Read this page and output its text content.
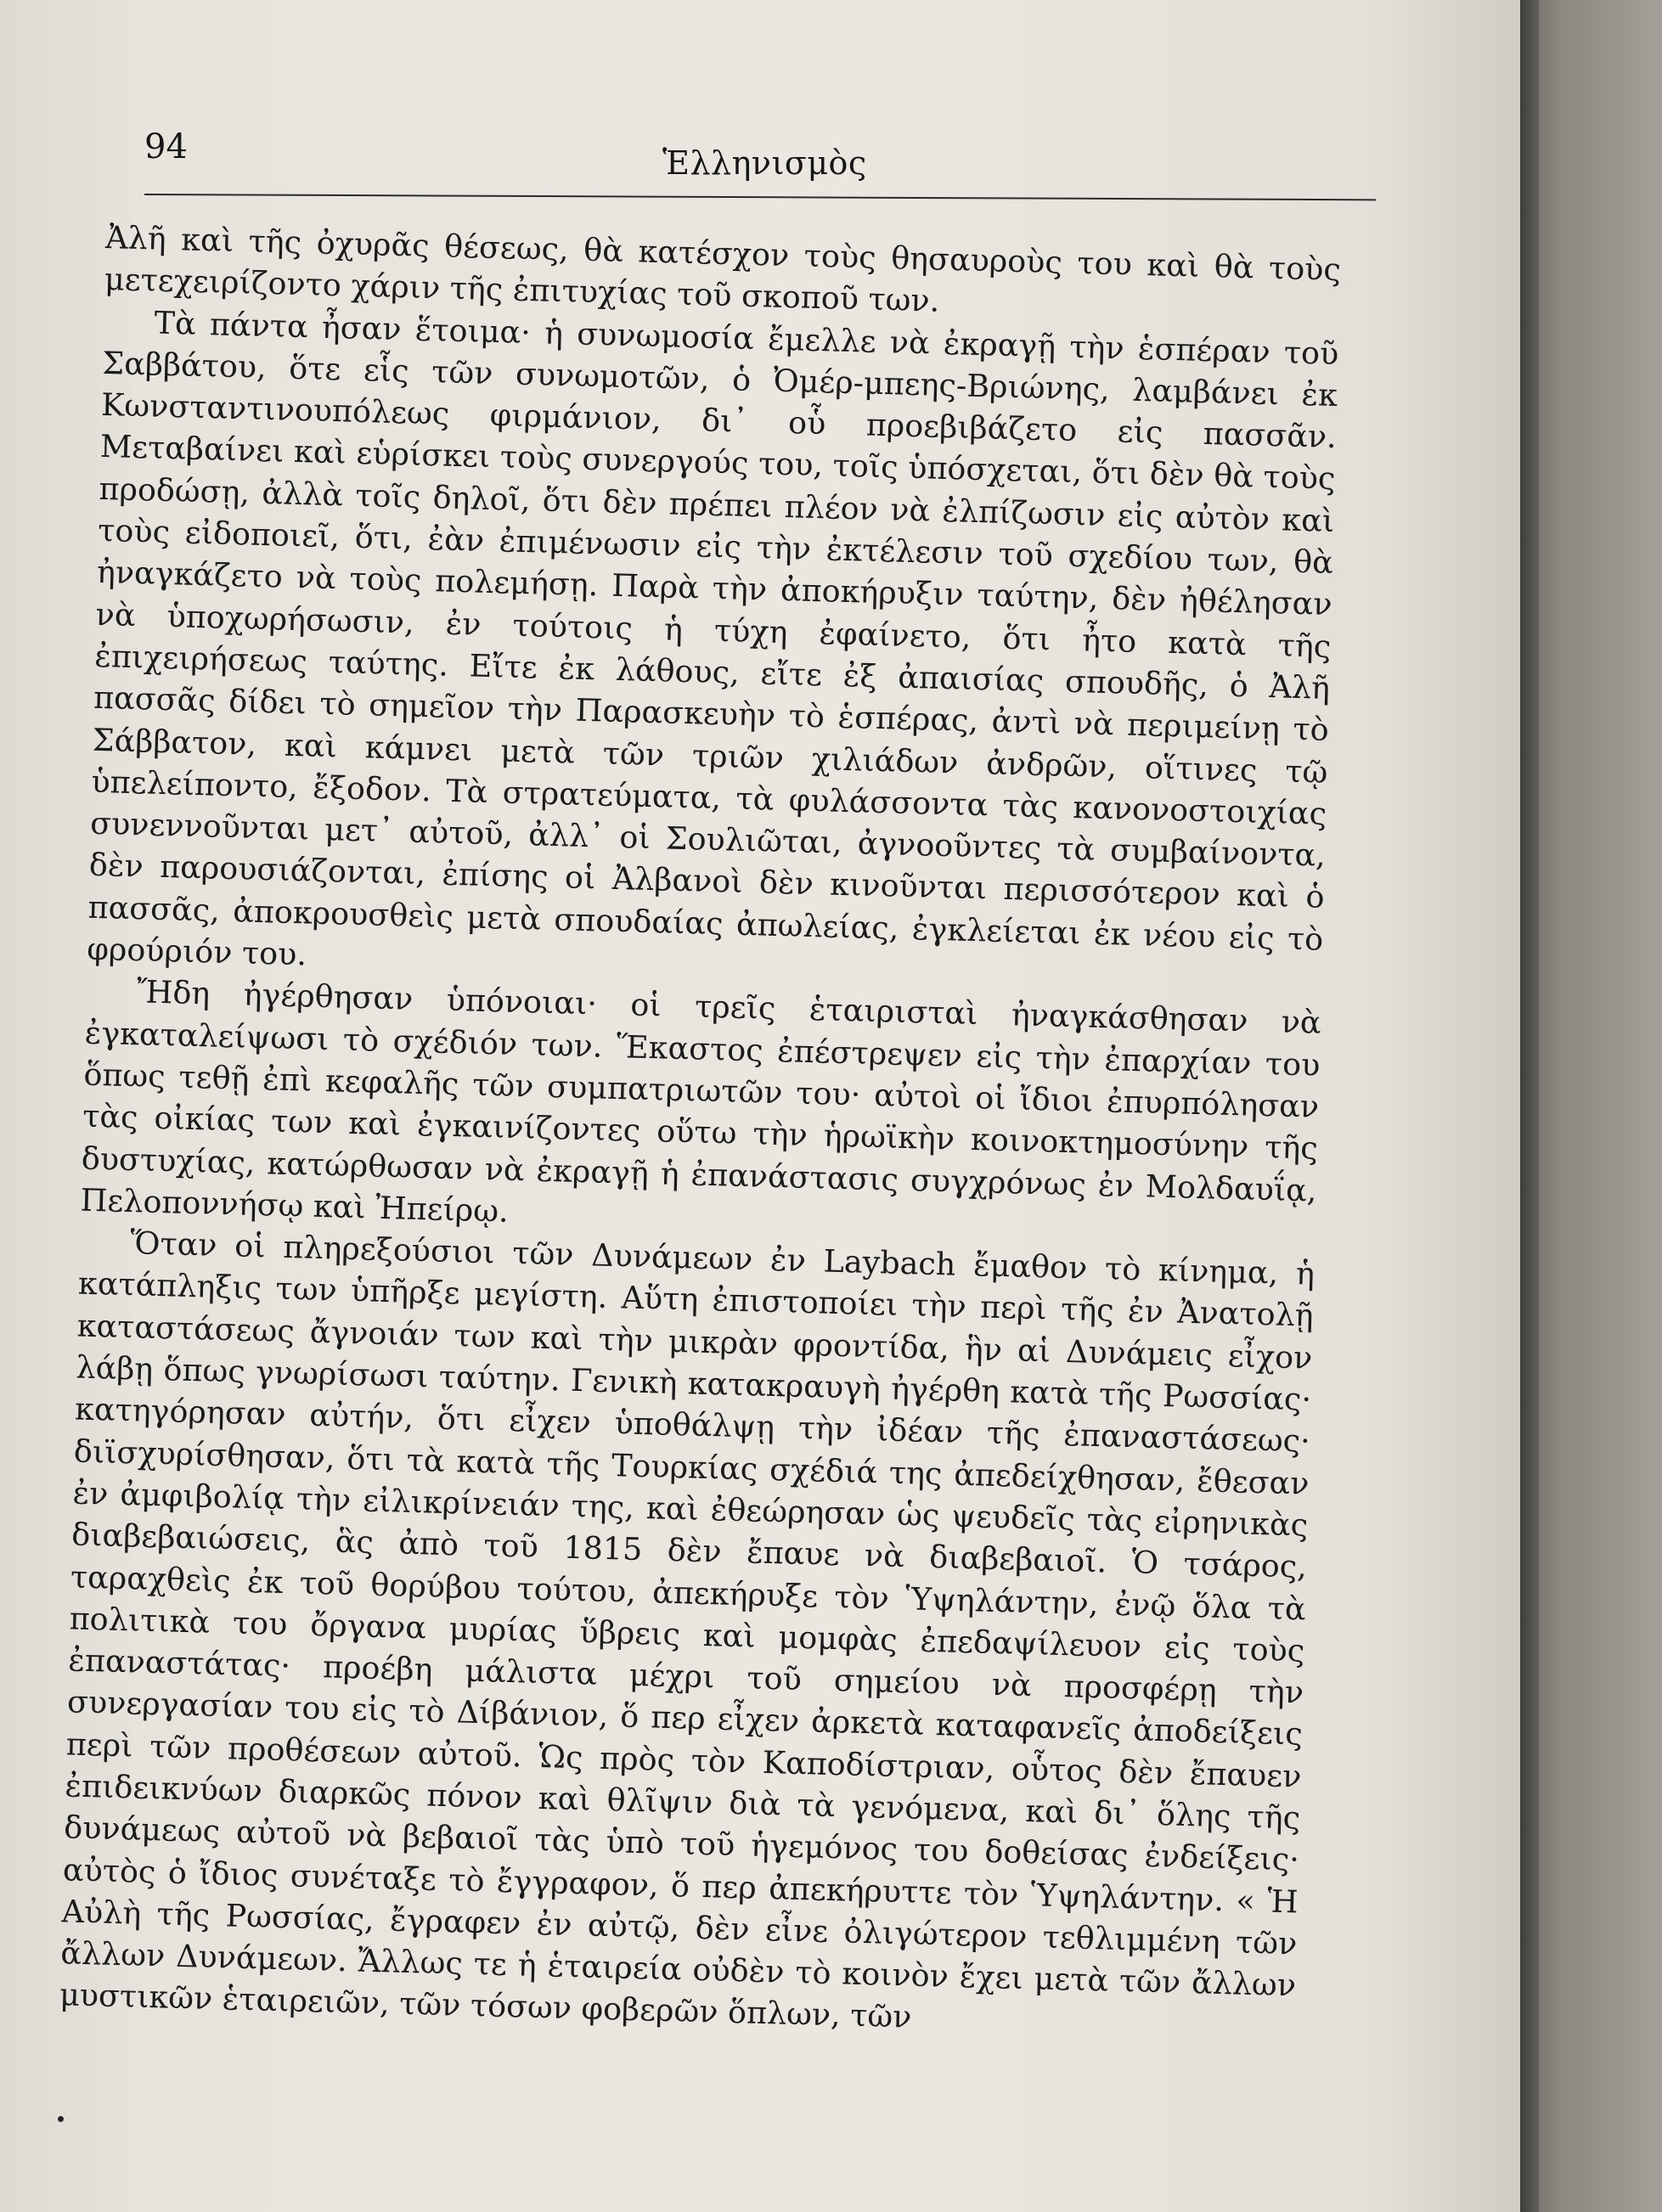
94	Ἑλληνισμὸς

Ἀλῆ καὶ τῆς ὀχυρᾶς θέσεως, θὰ κατέσχον τοὺς θησαυροὺς του καὶ θὰ τοὺς μετεχειρίζοντο χάριν τῆς ἐπιτυχίας τοῦ σκοποῦ των.

Τὰ πάντα ἦσαν ἕτοιμα· ἡ συνωμοσία ἔμελλε νὰ ἐκραγῇ τὴν ἑσπέραν τοῦ Σαββάτου, ὅτε εἷς τῶν συνωμοτῶν, ὁ Ὀμέρ-μπεης-Βριώνης, λαμβάνει ἐκ Κωνσταντινουπόλεως φιρμάνιον, δι᾿ οὗ προεβιβάζετο εἰς πασσᾶν. Μεταβαίνει καὶ εὑρίσκει τοὺς συνεργούς του, τοῖς ὑπόσχεται, ὅτι δὲν θὰ τοὺς προδώσῃ, ἀλλὰ τοῖς δηλοῖ, ὅτι δὲν πρέπει πλέον νὰ ἐλπίζωσιν εἰς αὐτὸν καὶ τοὺς εἰδοποιεῖ, ὅτι, ἐὰν ἐπιμένωσιν εἰς τὴν ἐκτέλεσιν τοῦ σχεδίου των, θὰ ἠναγκάζετο νὰ τοὺς πολεμήσῃ. Παρὰ τὴν ἀποκήρυξιν ταύτην, δὲν ἠθέλησαν νὰ ὑποχωρήσωσιν, ἐν τούτοις ἡ τύχη ἐφαίνετο, ὅτι ἦτο κατὰ τῆς ἐπιχειρήσεως ταύτης. Εἴτε ἐκ λάθους, εἴτε ἐξ ἀπαισίας σπουδῆς, ὁ Ἀλῆ πασσᾶς δίδει τὸ σημεῖον τὴν Παρασκευὴν τὸ ἑσπέρας, ἀντὶ νὰ περιμείνῃ τὸ Σάββατον, καὶ κάμνει μετὰ τῶν τριῶν χιλιάδων ἀνδρῶν, οἵτινες τῷ ὑπελείποντο, ἔξοδον. Τὰ στρατεύματα, τὰ φυλάσσοντα τὰς κανονοστοιχίας συνεννοῦνται μετ᾿ αὐτοῦ, ἀλλ᾿ οἱ Σουλιῶται, ἀγνοοῦντες τὰ συμβαίνοντα, δὲν παρουσιάζονται, ἐπίσης οἱ Ἀλβανοὶ δὲν κινοῦνται περισσότερον καὶ ὁ πασσᾶς, ἀποκρουσθεὶς μετὰ σπουδαίας ἀπωλείας, ἐγκλείεται ἐκ νέου εἰς τὸ φρούριόν του.

Ἤδη ἠγέρθησαν ὑπόνοιαι· οἱ τρεῖς ἑταιρισταὶ ἠναγκάσθησαν νὰ ἐγκαταλείψωσι τὸ σχέδιόν των. Ἕκαστος ἐπέστρεψεν εἰς τὴν ἐπαρχίαν του ὅπως τεθῇ ἐπὶ κεφαλῆς τῶν συμπατριωτῶν του· αὐτοὶ οἱ ἴδιοι ἐπυρπόλησαν τὰς οἰκίας των καὶ ἐγκαινίζοντες οὕτω τὴν ἡρωϊκὴν κοινοκτημοσύνην τῆς δυστυχίας, κατώρθωσαν νὰ ἐκραγῇ ἡ ἐπανάστασις συγχρόνως ἐν Μολδαυΐᾳ, Πελοποννήσῳ καὶ Ἠπείρῳ.

Ὅταν οἱ πληρεξούσιοι τῶν Δυνάμεων ἐν Laybach ἔμαθον τὸ κίνημα, ἡ κατάπληξις των ὑπῆρξε μεγίστη. Αὕτη ἐπιστοποίει τὴν περὶ τῆς ἐν Ἀνατολῇ καταστάσεως ἄγνοιάν των καὶ τὴν μικρὰν φροντίδα, ἣν αἱ Δυνάμεις εἶχον λάβῃ ὅπως γνωρίσωσι ταύτην. Γενικὴ κατακραυγὴ ἠγέρθη κατὰ τῆς Ρωσσίας· κατηγόρησαν αὐτήν, ὅτι εἶχεν ὑποθάλψῃ τὴν ἰδέαν τῆς ἐπαναστάσεως· διϊσχυρίσθησαν, ὅτι τὰ κατὰ τῆς Τουρκίας σχέδιά της ἀπεδείχθησαν, ἔθεσαν ἐν ἀμφιβολίᾳ τὴν εἰλικρίνειάν της, καὶ ἐθεώρησαν ὡς ψευδεῖς τὰς εἰρηνικὰς διαβεβαιώσεις, ἃς ἀπὸ τοῦ 1815 δὲν ἔπαυε νὰ διαβεβαιοῖ. Ὁ τσάρος, ταραχθεὶς ἐκ τοῦ θορύβου τούτου, ἀπεκήρυξε τὸν Ὑψηλάντην, ἐνῷ ὅλα τὰ πολιτικὰ του ὄργανα μυρίας ὕβρεις καὶ μομφὰς ἐπεδαψίλευον εἰς τοὺς ἐπαναστάτας· προέβη μάλιστα μέχρι τοῦ σημείου νὰ προσφέρῃ τὴν συνεργασίαν του εἰς τὸ Δίβάνιον, ὅ περ εἶχεν ἀρκετὰ καταφανεῖς ἀποδείξεις περὶ τῶν προθέσεων αὐτοῦ. Ὡς πρὸς τὸν Καποδίστριαν, οὗτος δὲν ἔπαυεν ἐπιδεικνύων διαρκῶς πόνον καὶ θλῖψιν διὰ τὰ γενόμενα, καὶ δι᾿ ὅλης τῆς δυνάμεως αὐτοῦ νὰ βεβαιοῖ τὰς ὑπὸ τοῦ ἡγεμόνος του δοθείσας ἐνδείξεις· αὐτὸς ὁ ἴδιος συνέταξε τὸ ἔγγραφον, ὅ περ ἀπεκήρυττε τὸν Ὑψηλάντην. « Ἡ Αὐλὴ τῆς Ρωσσίας, ἔγραφεν ἐν αὐτῷ, δὲν εἶνε ὀλιγώτερον τεθλιμμένη τῶν ἄλλων Δυνάμεων. Ἄλλως τε ἡ ἑταιρεία οὐδὲν τὸ κοινὸν ἔχει μετὰ τῶν ἄλλων μυστικῶν ἑταιρειῶν, τῶν τόσων φοβερῶν ὅπλων, τῶν
